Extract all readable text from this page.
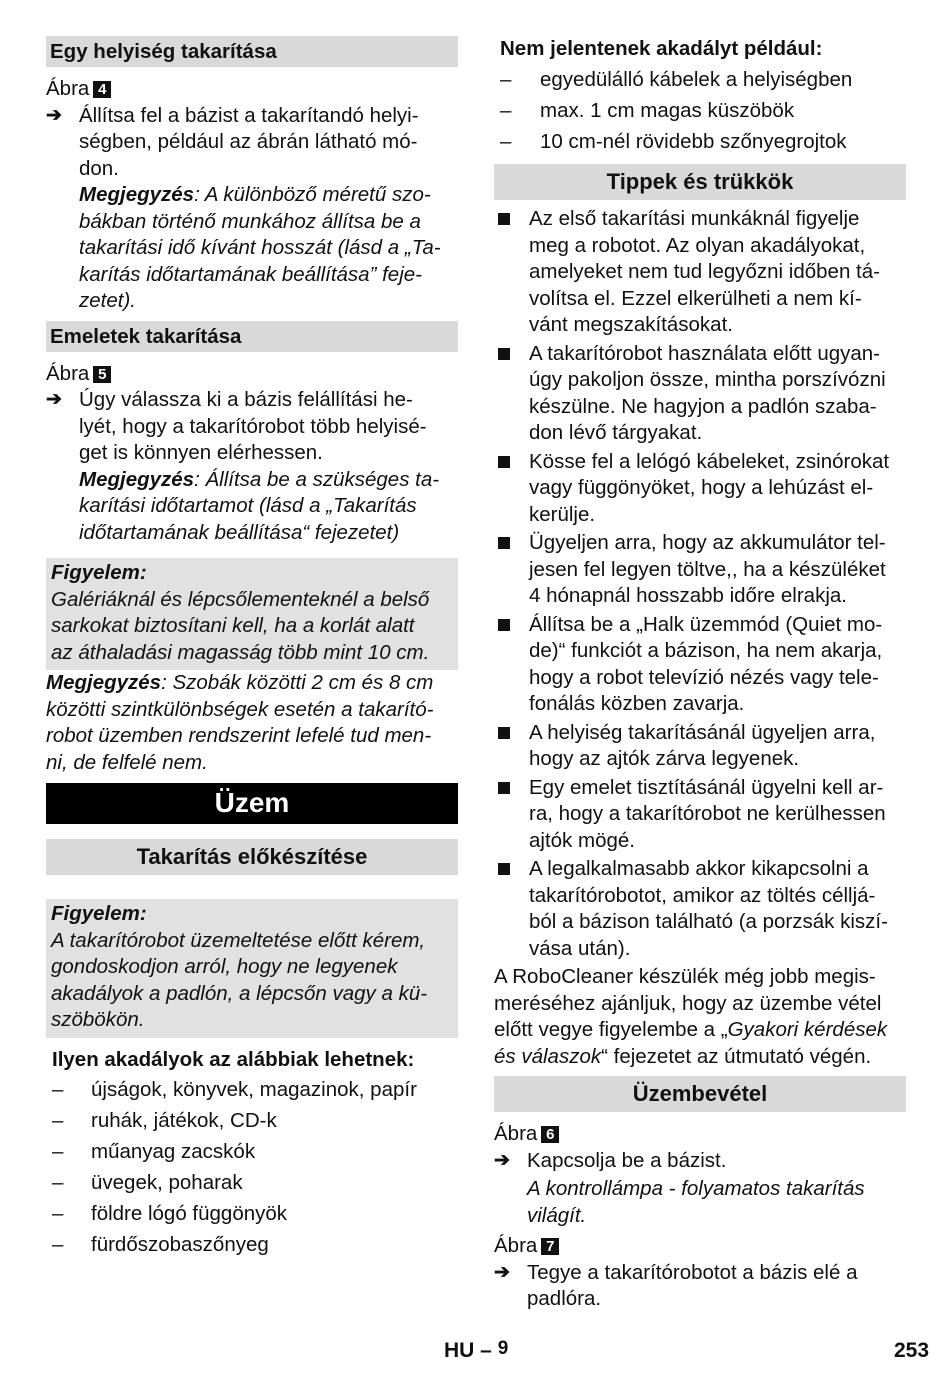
Egy helyiség takarítása
Ábra 4
➔ Állítsa fel a bázist a takarítandó helyi-
ségben, például az ábrán látható mó-
don.
Megjegyzés: A különböző méretű szo-
bákban történő munkához állítsa be a
takarítási idő kívánt hosszát (lásd a „Ta-
karítás időtartamának beállítása” feje-
zetet).
Emeletek takarítása
Ábra 5
➔ Úgy válassza ki a bázis felállítási he-
lyét, hogy a takarítórobot több helyisé-
get is könnyen elérhessen.
Megjegyzés: Állítsa be a szükséges ta-
karítási időtartamot (lásd a „Takarítás
időtartamának beállítása“ fejezetet)
Figyelem:
Galériáknál és lépcsőlementeknél a belső
sarkokat biztosítani kell, ha a korlát alatt
az áthaladási magasság több mint 10 cm.
Megjegyzés: Szobák közötti 2 cm és 8 cm
közötti szintkülönbségek esetén a takarító-
robot üzemben rendszerint lefelé tud men-
ni, de felfelé nem.
Üzem
Takarítás előkészítése
Figyelem:
A takarítórobot üzemeltetése előtt kérem,
gondoskodjon arról, hogy ne legyenek
akadályok a padlón, a lépcsőn vagy a kü-
szöbökön.
Ilyen akadályok az alábbiak lehetnek:
–	újságok, könyvek, magazinok, papír
–	ruhák, játékok, CD-k
–	műanyag zacskók
–	üvegek, poharak
–	földre lógó függönyök
–	fürdőszobaszőnyeg
Nem jelentenek akadályt például:
–	egyedülálló kábelek a helyiségben
–	max. 1 cm magas küszöbök
–	10 cm-nél rövidebb szőnyegrojtok
Tippek és trükkök
Az első takarítási munkáknál figyelje
meg a robotot. Az olyan akadályokat,
amelyeket nem tud legyőzni időben tá-
volítsa el. Ezzel elkerülheti a nem kí-
vánt megszakításokat.
A takarítórobot használata előtt ugyan-
úgy pakoljon össze, mintha porszívózni
készülne. Ne hagyjon a padlón szaba-
don lévő tárgyakat.
Kösse fel a lelógó kábeleket, zsinórokat
vagy függönyöket, hogy a lehúzást el-
kerülje.
Ügyeljen arra, hogy az akkumulátor tel-
jesen fel legyen töltve,, ha a készüléket
4 hónapnál hosszabb időre elrakja.
Állítsa be a „Halk üzemmód (Quiet mo-
de)“ funkciót a bázison, ha nem akarja,
hogy a robot televízió nézés vagy tele-
fonálás közben zavarja.
A helyiség takarításánál ügyeljen arra,
hogy az ajtók zárva legyenek.
Egy emelet tisztításánál ügyelni kell ar-
ra, hogy a takarítórobot ne kerülhessen
ajtók mögé.
A legalkalmasabb akkor kikapcsolni a
takarítórobotot, amikor az töltés célljá-
ból a bázison található (a porzsák kiszí-
vása után).
A RoboCleaner készülék még jobb megis-
meréséhez ajánljuk, hogy az üzembe vétel
előtt vegye figyelembe a „Gyakori kérdések
és válaszok“ fejezetet az útmutató végén.
Üzembevétel
Ábra 6
➔ Kapcsolja be a bázist.
A kontrollámpa - folyamatos takarítás
világít.
Ábra 7
➔ Tegye a takarítórobotot a bázis elé a
padlóra.
HU – 9	253
